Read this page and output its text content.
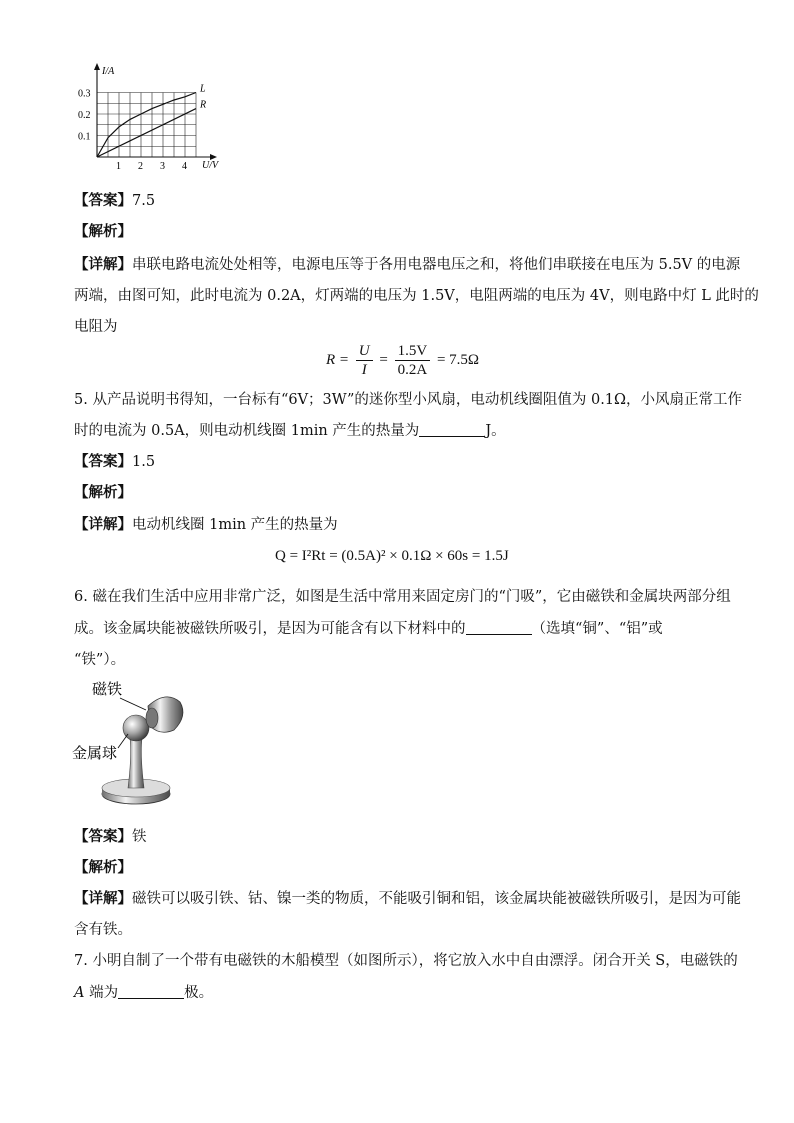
I/A
U/V
1 2 3 4
0.1
0.2
0.3	L
R
【答案】7.5
【解析】
【详解】串联电路电流处处相等，电源电压等于各用电器电压之和，将他们串联接在电压为 5.5V 的电源
两端，由图可知，此时电流为 0.2A，灯两端的电压为 1.5V，电阻两端的电压为 4V，则电路中灯 L 此时的
电阻为
$R = \frac{U}{I} = \frac{1.5V}{0.2A} = 7.5\Omega$
5. 从产品说明书得知，一台标有“6V；3W”的迷你型小风扇，电动机线圈阻值为 0.1Ω，小风扇正常工作
时的电流为 0.5A，则电动机线圈 1min 产生的热量为	J。
【答案】1.5
【解析】
【详解】电动机线圈 1min 产生的热量为
Q = I²Rt = (0.5A)² × 0.1Ω × 60s = 1.5J
6. 磁在我们生活中应用非常广泛，如图是生活中常用来固定房门的“门吸”，它由磁铁和金属块两部分组
成。该金属块能被磁铁所吸引，是因为可能含有以下材料中的	（选填“铜”、“铝”或
“铁”）。
磁铁
金属球
【答案】铁
【解析】
【详解】磁铁可以吸引铁、钴、镍一类的物质，不能吸引铜和铝，该金属块能被磁铁所吸引，是因为可能
含有铁。
7. 小明自制了一个带有电磁铁的木船模型（如图所示），将它放入水中自由漂浮。闭合开关 S，电磁铁的
A 端为	极。
